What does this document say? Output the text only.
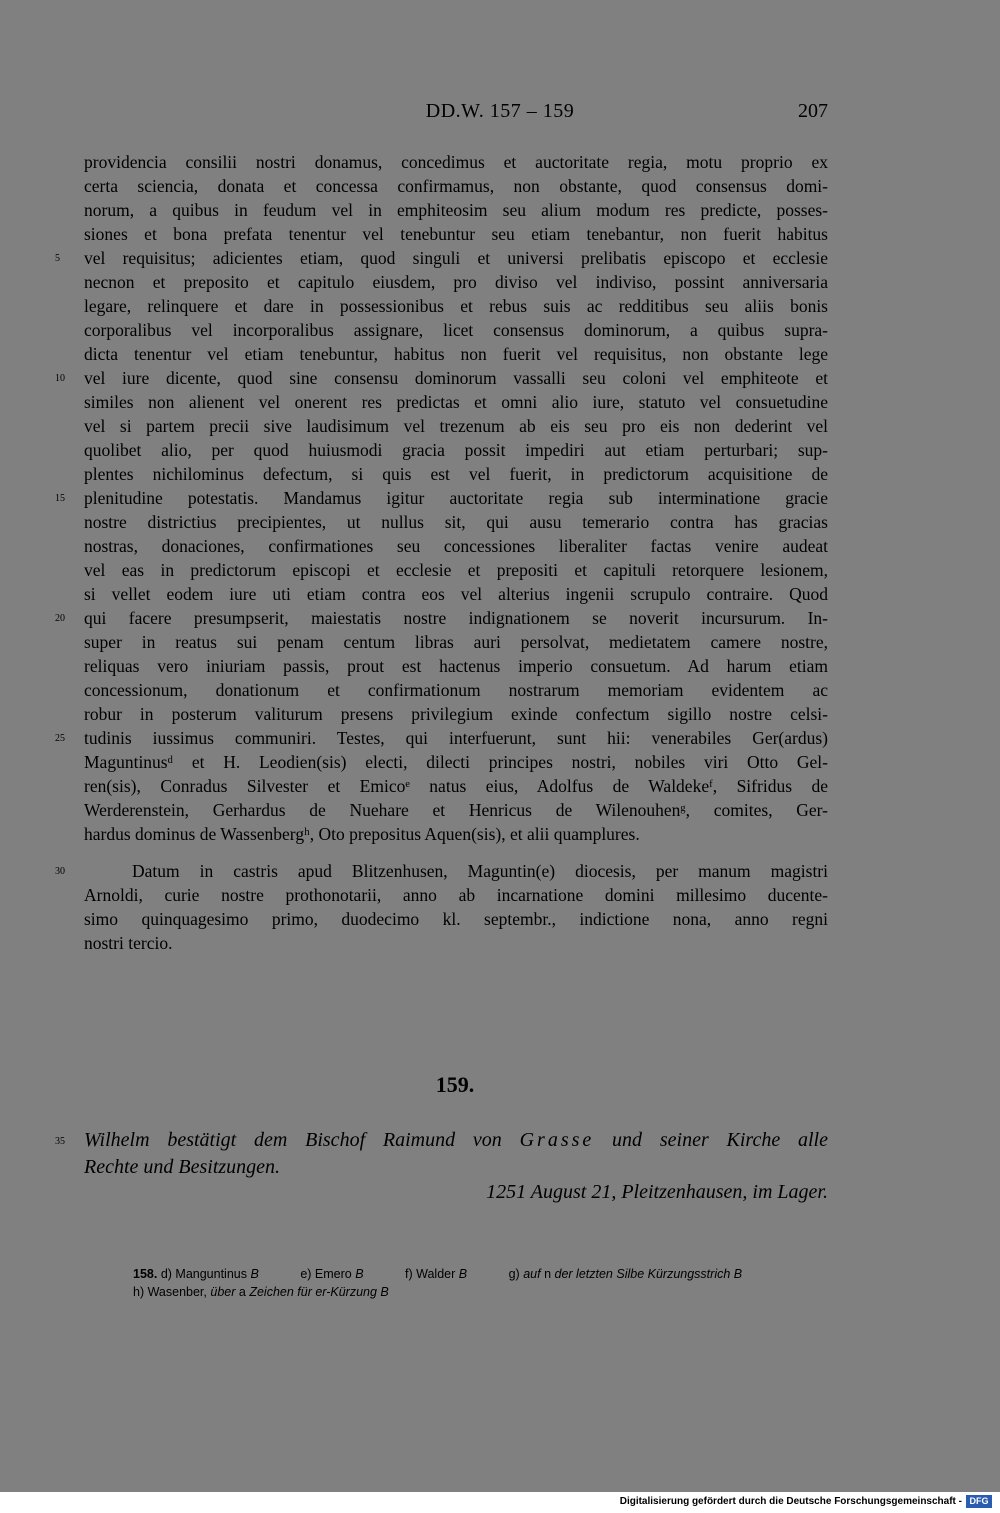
DD.W. 157 – 159	207
providencia consilii nostri donamus, concedimus et auctoritate regia, motu proprio ex
certa sciencia, donata et concessa confirmamus, non obstante, quod consensus domi-
norum, a quibus in feudum vel in emphiteosim seu alium modum res predicte, posses-
siones et bona prefata tenentur vel tenebuntur seu etiam tenebantur, non fuerit habitus
vel requisitus; adicientes etiam, quod singuli et universi prelibatis episcopo et ecclesie
5
necnon et preposito et capitulo eiusdem, pro diviso vel indiviso, possint anniversaria
legare, relinquere et dare in possessionibus et rebus suis ac redditibus seu aliis bonis
corporalibus vel incorporalibus assignare, licet consensus dominorum, a quibus supra-
dicta tenentur vel etiam tenebuntur, habitus non fuerit vel requisitus, non obstante lege
vel iure dicente, quod sine consensu dominorum vassalli seu coloni vel emphiteote et
10
similes non alienent vel onerent res predictas et omni alio iure, statuto vel consuetudine
vel si partem precii sive laudisimum vel trezenum ab eis seu pro eis non dederint vel
quolibet alio, per quod huiusmodi gracia possit impediri aut etiam perturbari; sup-
plentes nichilominus defectum, si quis est vel fuerit, in predictorum acquisitione de
plenitudine potestatis. Mandamus igitur auctoritate regia sub interminatione gracie
15
nostre districtius precipientes, ut nullus sit, qui ausu temerario contra has gracias
nostras, donaciones, confirmationes seu concessiones liberaliter factas venire audeat
vel eas in predictorum episcopi et ecclesie et prepositi et capituli retorquere lesionem,
si vellet eodem iure uti etiam contra eos vel alterius ingenii scrupulo contraire. Quod
qui facere presumpserit, maiestatis nostre indignationem se noverit incursurum. In-
20
super in reatus sui penam centum libras auri persolvat, medietatem camere nostre,
reliquas vero iniuriam passis, prout est hactenus imperio consuetum. Ad harum etiam
concessionum, donationum et confirmationum nostrarum memoriam evidentem ac
robur in posterum valiturum presens privilegium exinde confectum sigillo nostre celsi-
tudinis iussimus communiri. Testes, qui interfuerunt, sunt hii: venerabiles Ger(ardus)
25
Maguntinusᵈ et H. Leodien(sis) electi, dilecti principes nostri, nobiles viri Otto Gel-
ren(sis), Conradus Silvester et Emicoᵉ natus eius, Adolfus de Waldekeᶠ, Sifridus de
Werderenstein, Gerhardus de Nuehare et Henricus de Wilenouhenᵍ, comites, Ger-
hardus dominus de Wassenbergʰ, Oto prepositus Aquen(sis), et alii quamplures.
Datum in castris apud Blitzenhusen, Maguntin(e) diocesis, per manum magistri
30
Arnoldi, curie nostre prothonotarii, anno ab incarnatione domini millesimo ducente-
simo quinquagesimo primo, duodecimo kl. septembr., indictione nona, anno regni
nostri tercio.
159.
35 Wilhelm bestätigt dem Bischof Raimund von Grasse und seiner Kirche alle
Rechte und Besitzungen.
1251 August 21, Pleitzenhausen, im Lager.
158. d) Manguntinus B	e) Emero B	f) Walder B	g) auf n der letzten Silbe Kürzungsstrich B
h) Wasenber, über a Zeichen für er-Kürzung B
Digitalisierung gefördert durch die Deutsche Forschungsgemeinschaft - DFG
